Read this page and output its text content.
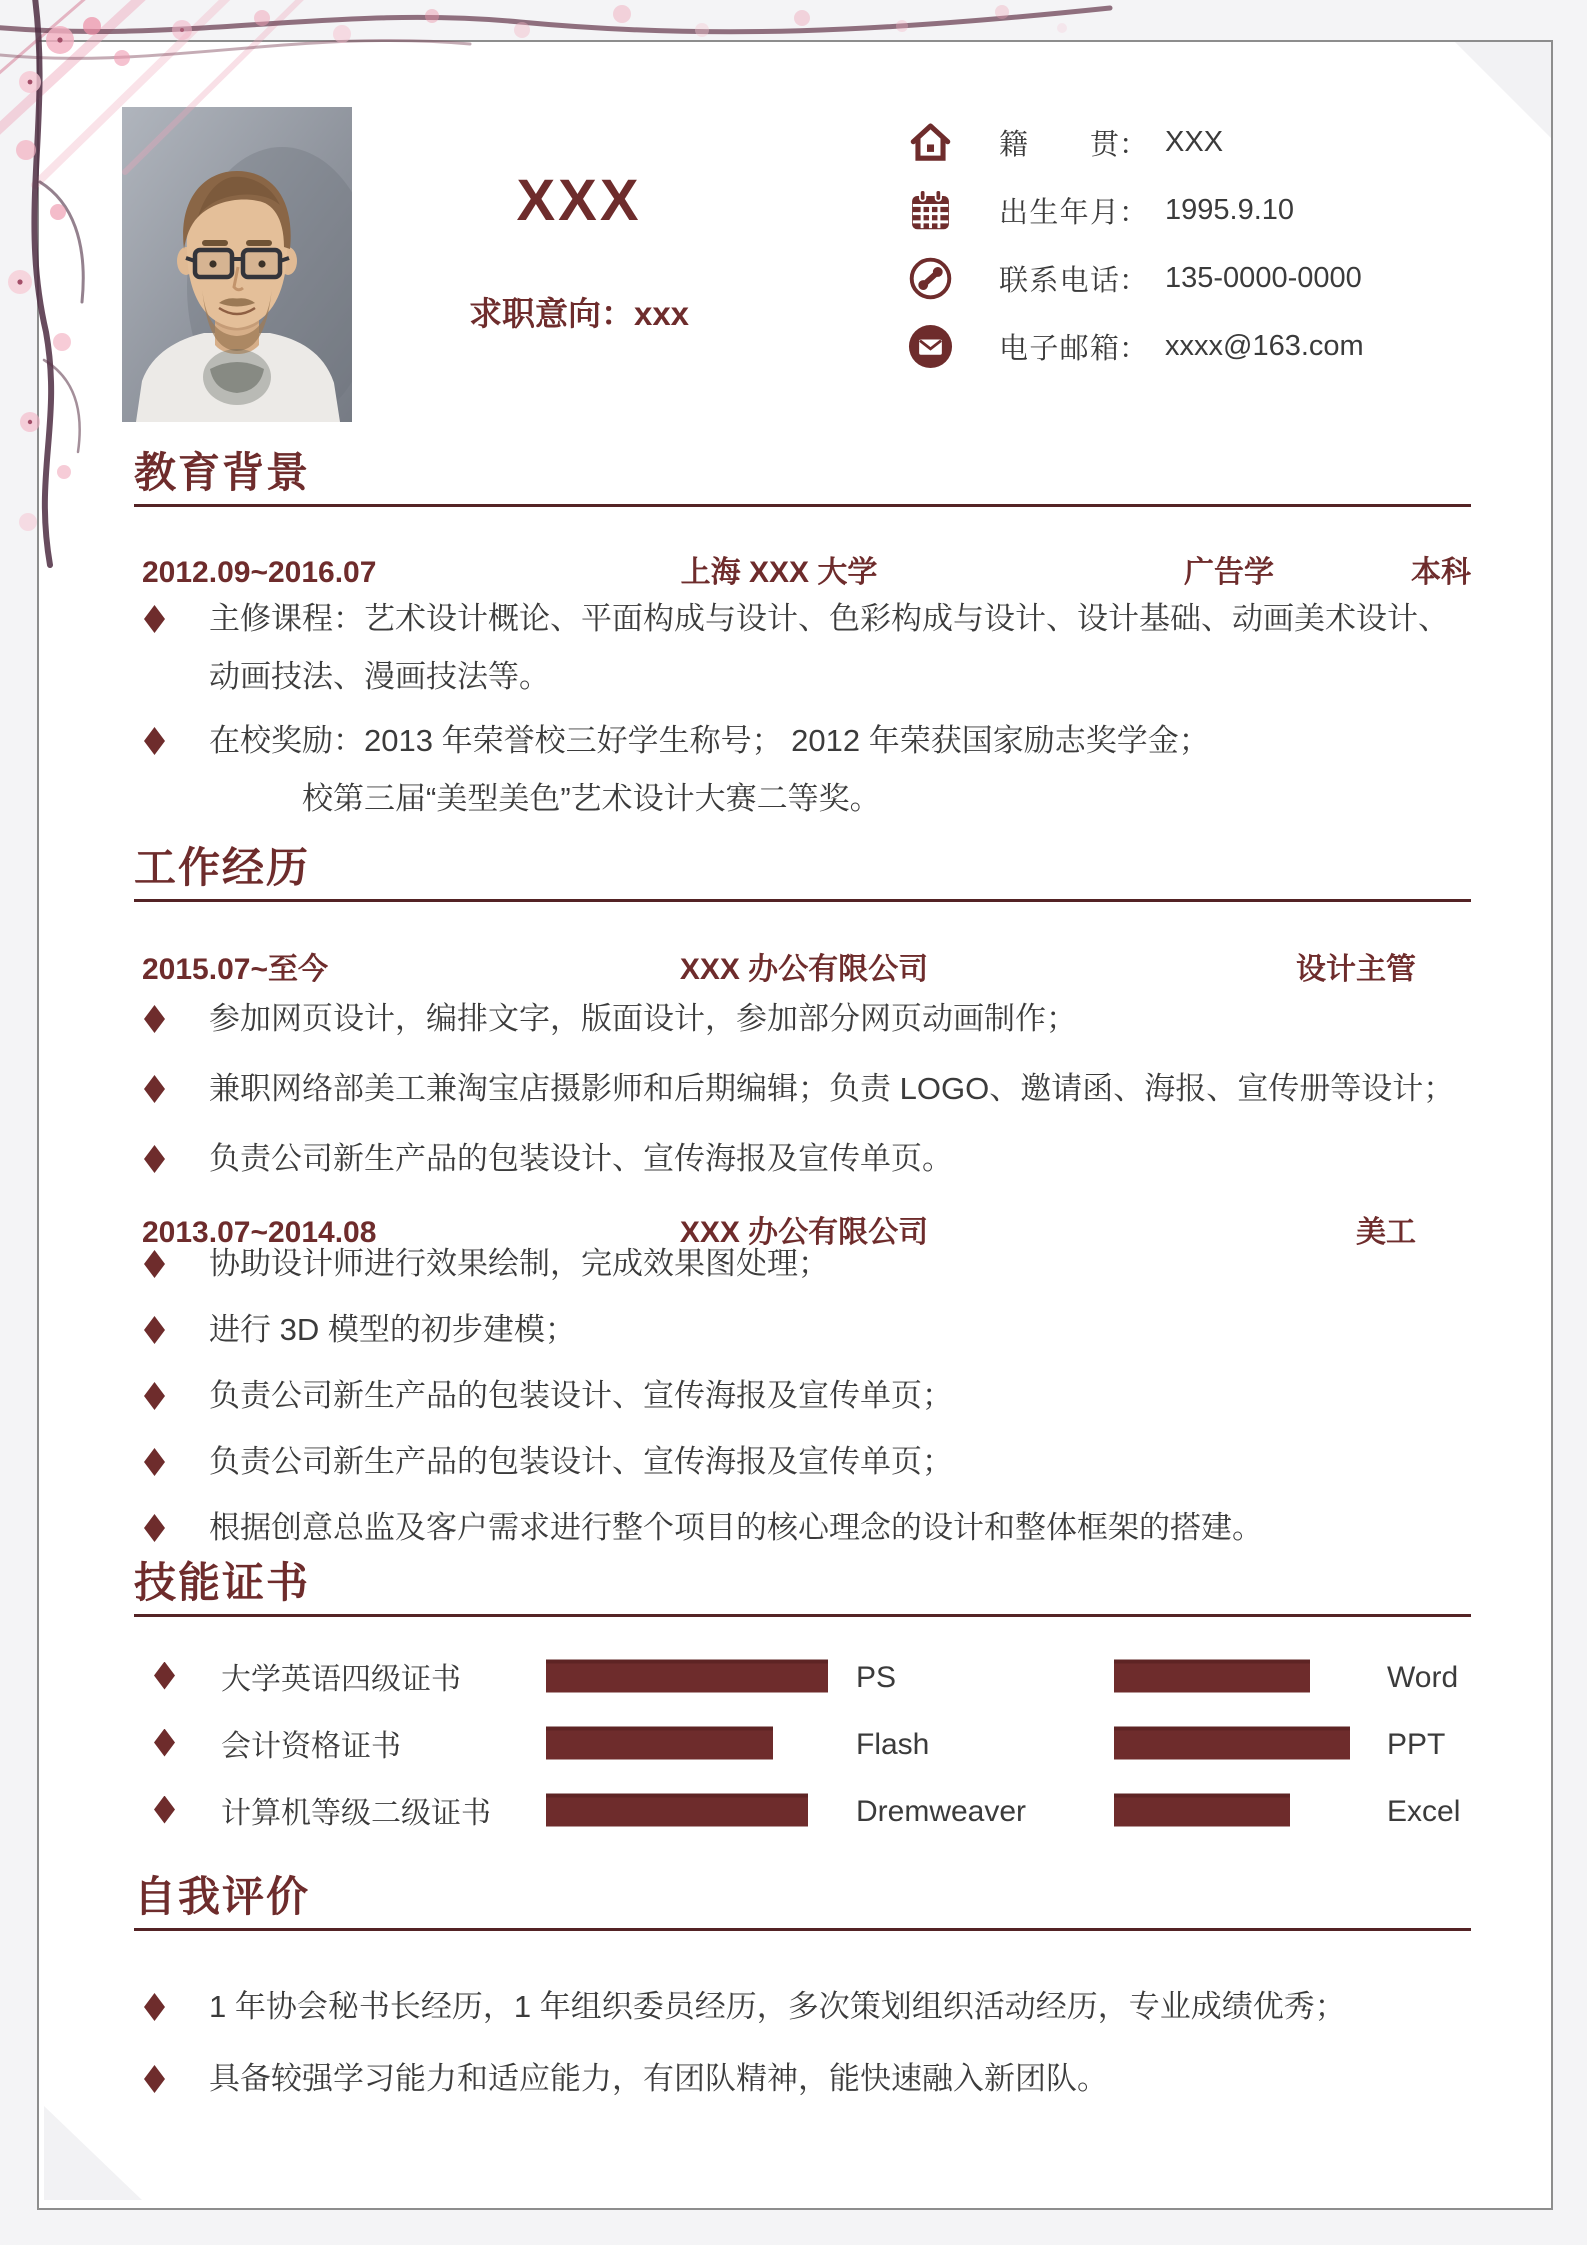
XXX
求职意向：xxx
籍贯 ： XXX
出生年月 ： 1995.9.10
联系电话 ： 135-0000-0000
电子邮箱 ： xxxx@163.com
教育背景
2012.09~2016.07	上海 XXX 大学	广告学	本科
主修课程：艺术设计概论、平面构成与设计、色彩构成与设计、设计基础、动画美术设计、
动画技法、漫画技法等。
在校奖励：2013 年荣誉校三好学生称号； 2012 年荣获国家励志奖学金；
校第三届“美型美色”艺术设计大赛二等奖。
工作经历
2015.07~至今	XXX 办公有限公司	设计主管
参加网页设计，编排文字，版面设计，参加部分网页动画制作；
兼职网络部美工兼淘宝店摄影师和后期编辑；负责 LOGO、邀请函、海报、宣传册等设计；
负责公司新生产品的包装设计、宣传海报及宣传单页。
2013.07~2014.08	XXX 办公有限公司	美工
协助设计师进行效果绘制，完成效果图处理；
进行 3D 模型的初步建模；
负责公司新生产品的包装设计、宣传海报及宣传单页；
负责公司新生产品的包装设计、宣传海报及宣传单页；
根据创意总监及客户需求进行整个项目的核心理念的设计和整体框架的搭建。
技能证书
大学英语四级证书	PS	Word
会计资格证书	Flash	PPT
计算机等级二级证书	Dremweaver	Excel
自我评价
1 年协会秘书长经历，1 年组织委员经历，多次策划组织活动经历，专业成绩优秀；
具备较强学习能力和适应能力，有团队精神，能快速融入新团队。
